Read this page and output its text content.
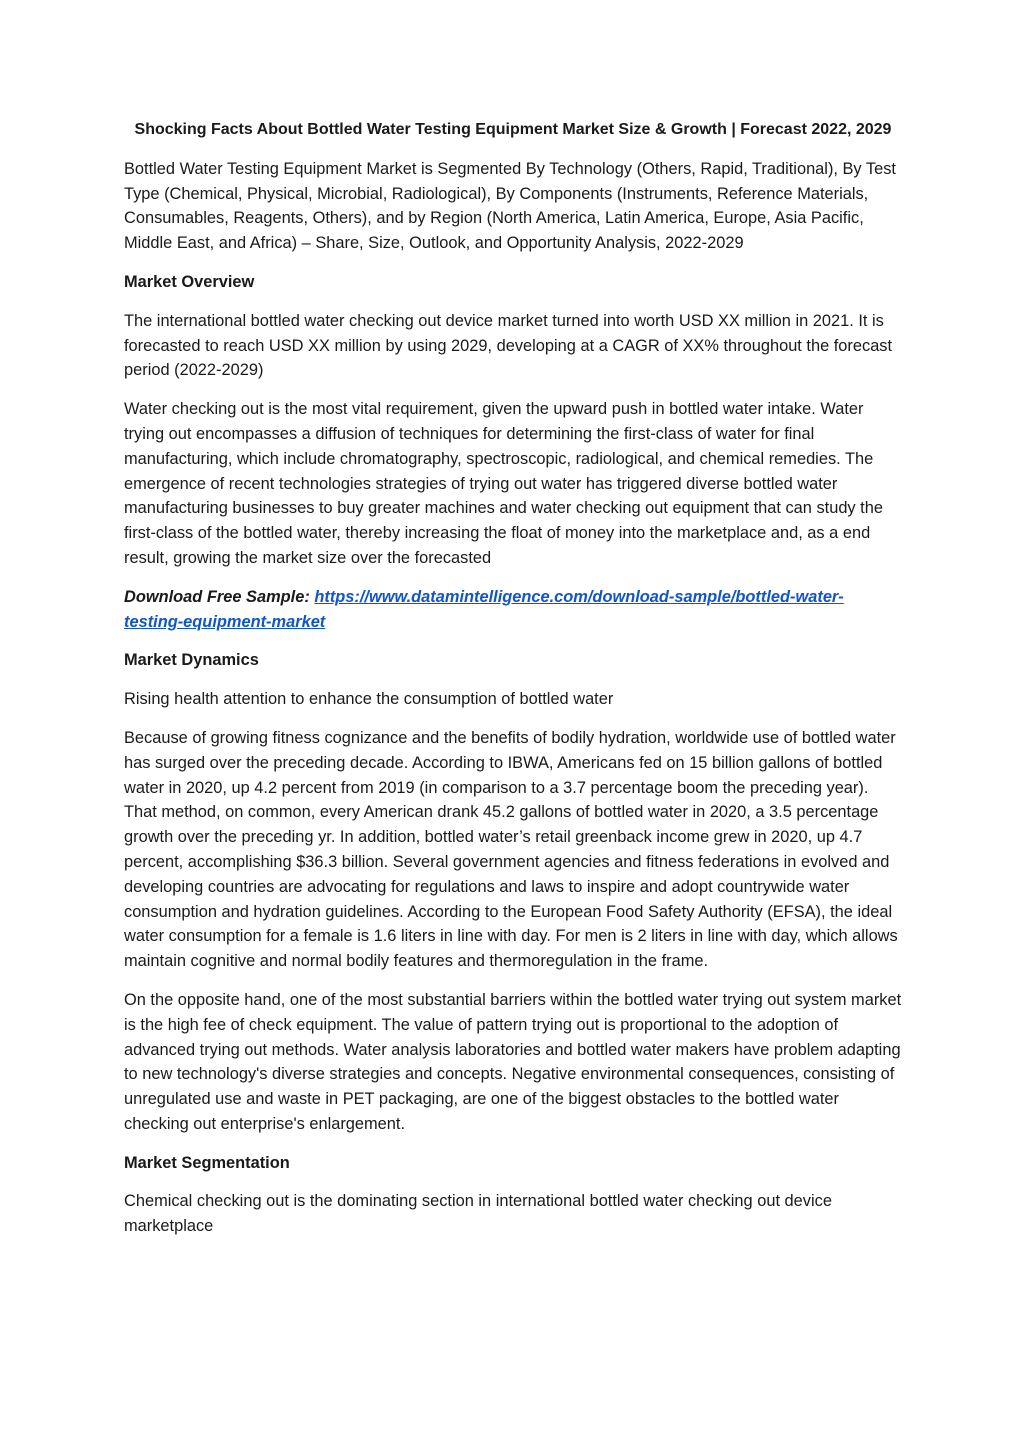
Shocking Facts About Bottled Water Testing Equipment Market Size & Growth | Forecast 2022, 2029

Bottled Water Testing Equipment Market is Segmented By Technology (Others, Rapid, Traditional), By Test Type (Chemical, Physical, Microbial, Radiological), By Components (Instruments, Reference Materials, Consumables, Reagents, Others), and by Region (North America, Latin America, Europe, Asia Pacific, Middle East, and Africa) – Share, Size, Outlook, and Opportunity Analysis, 2022-2029

Market Overview

The international bottled water checking out device market turned into worth USD XX million in 2021. It is forecasted to reach USD XX million by using 2029, developing at a CAGR of XX% throughout the forecast period (2022-2029)

Water checking out is the most vital requirement, given the upward push in bottled water intake. Water trying out encompasses a diffusion of techniques for determining the first-class of water for final manufacturing, which include chromatography, spectroscopic, radiological, and chemical remedies. The emergence of recent technologies strategies of trying out water has triggered diverse bottled water manufacturing businesses to buy greater machines and water checking out equipment that can study the first-class of the bottled water, thereby increasing the float of money into the marketplace and, as a end result, growing the market size over the forecasted

Download Free Sample: https://www.datamintelligence.com/download-sample/bottled-water-testing-equipment-market
Market Dynamics

Rising health attention to enhance the consumption of bottled water

Because of growing fitness cognizance and the benefits of bodily hydration, worldwide use of bottled water has surged over the preceding decade. According to IBWA, Americans fed on 15 billion gallons of bottled water in 2020, up 4.2 percent from 2019 (in comparison to a 3.7 percentage boom the preceding year). That method, on common, every American drank 45.2 gallons of bottled water in 2020, a 3.5 percentage growth over the preceding yr. In addition, bottled water’s retail greenback income grew in 2020, up 4.7 percent, accomplishing $36.3 billion. Several government agencies and fitness federations in evolved and developing countries are advocating for regulations and laws to inspire and adopt countrywide water consumption and hydration guidelines. According to the European Food Safety Authority (EFSA), the ideal water consumption for a female is 1.6 liters in line with day. For men is 2 liters in line with day, which allows maintain cognitive and normal bodily features and thermoregulation in the frame.

On the opposite hand, one of the most substantial barriers within the bottled water trying out system market is the high fee of check equipment. The value of pattern trying out is proportional to the adoption of advanced trying out methods. Water analysis laboratories and bottled water makers have problem adapting to new technology's diverse strategies and concepts. Negative environmental consequences, consisting of unregulated use and waste in PET packaging, are one of the biggest obstacles to the bottled water checking out enterprise's enlargement.

Market Segmentation

Chemical checking out is the dominating section in international bottled water checking out device marketplace
